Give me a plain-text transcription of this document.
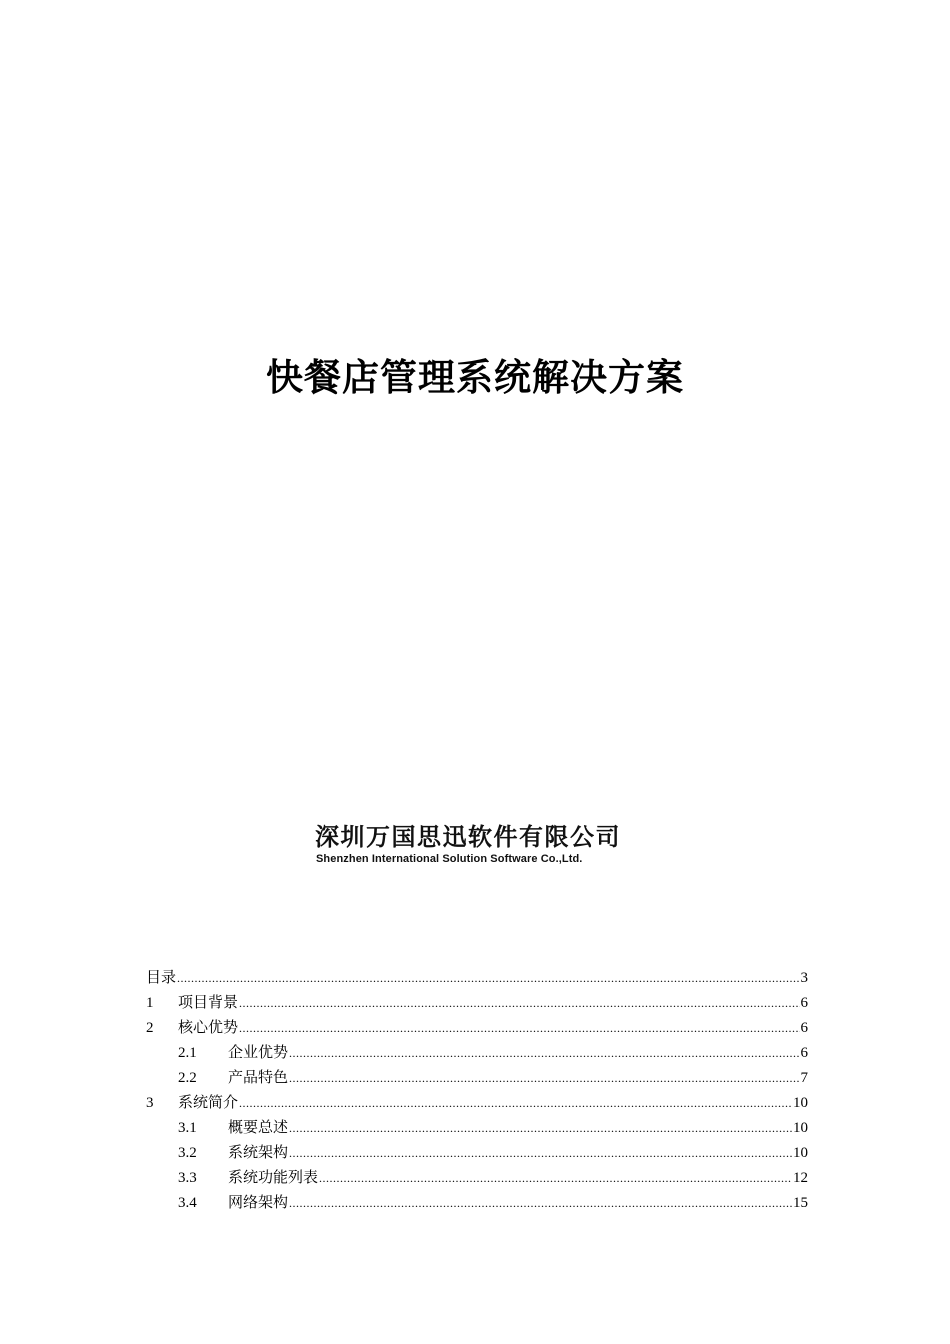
快餐店管理系统解决方案
深圳万国思迅软件有限公司
Shenzhen International Solution Software Co.,Ltd.
目录 .....	3
1	项目背景 .....	6
2	核心优势 .....	6
2.1	企业优势 .....	6
2.2	产品特色 .....	7
3	系统简介 .....	10
3.1	概要总述 .....	10
3.2	系统架构 .....	10
3.3	系统功能列表 .....	12
3.4	网络架构 .....	15
